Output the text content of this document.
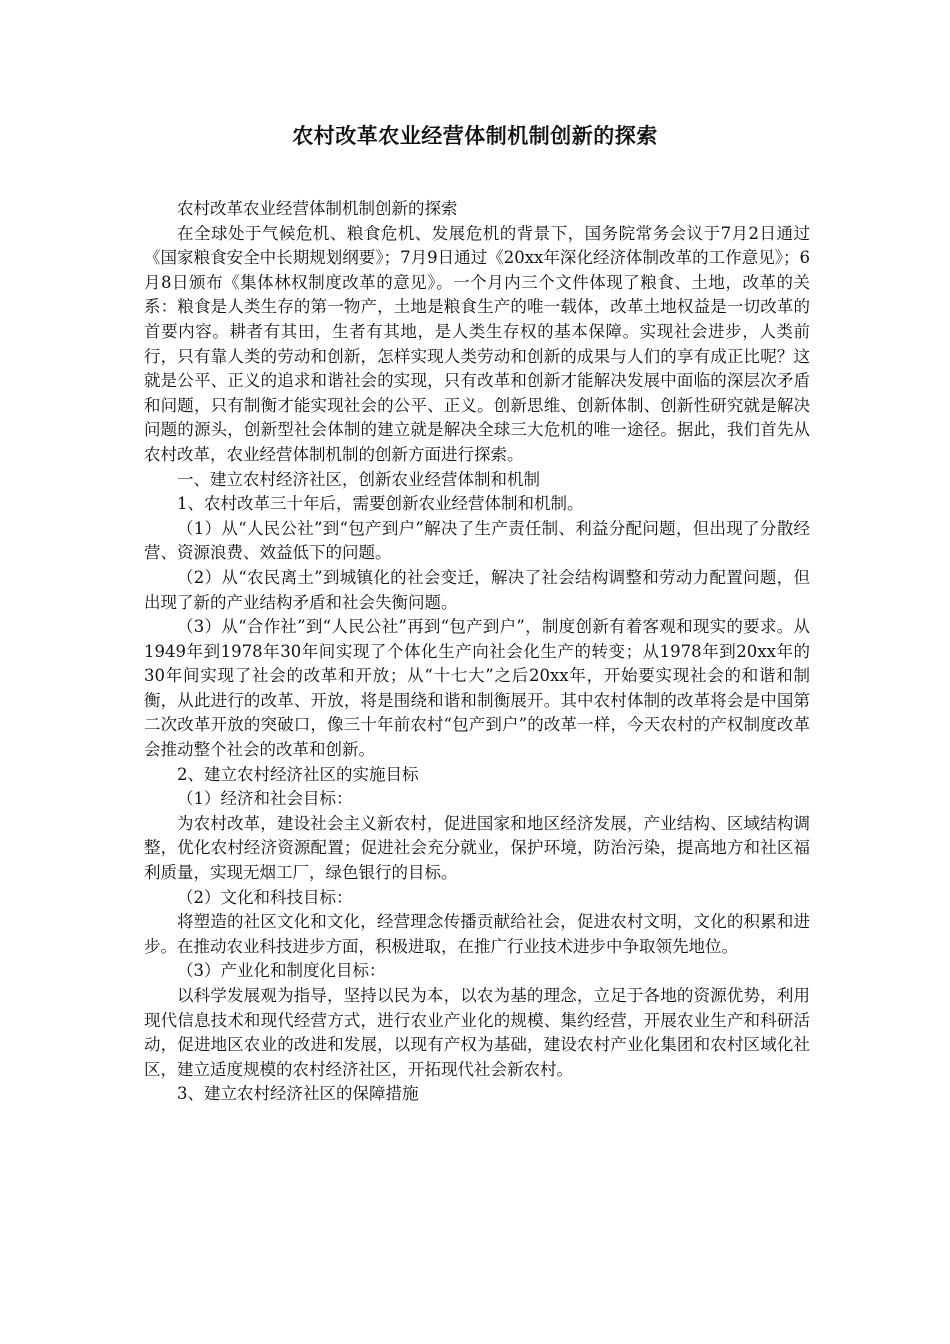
农村改革农业经营体制机制创新的探索

农村改革农业经营体制机制创新的探索

在全球处于气候危机、粮食危机、发展危机的背景下，国务院常务会议于7月2日通过《国家粮食安全中长期规划纲要》；7月9日通过《20xx年深化经济体制改革的工作意见》；6月8日颁布《集体林权制度改革的意见》。一个月内三个文件体现了粮食、土地，改革的关系：粮食是人类生存的第一物产，土地是粮食生产的唯一载体，改革土地权益是一切改革的首要内容。耕者有其田，生者有其地，是人类生存权的基本保障。实现社会进步，人类前行，只有靠人类的劳动和创新，怎样实现人类劳动和创新的成果与人们的享有成正比呢？这就是公平、正义的追求和谐社会的实现，只有改革和创新才能解决发展中面临的深层次矛盾和问题，只有制衡才能实现社会的公平、正义。创新思维、创新体制、创新性研究就是解决问题的源头，创新型社会体制的建立就是解决全球三大危机的唯一途径。据此，我们首先从农村改革，农业经营体制机制的创新方面进行探索。

一、建立农村经济社区，创新农业经营体制和机制

1、农村改革三十年后，需要创新农业经营体制和机制。

（1）从“人民公社”到“包产到户”解决了生产责任制、利益分配问题，但出现了分散经营、资源浪费、效益低下的问题。

（2）从“农民离土”到城镇化的社会变迁，解决了社会结构调整和劳动力配置问题，但出现了新的产业结构矛盾和社会失衡问题。

（3）从“合作社”到“人民公社”再到“包产到户”，制度创新有着客观和现实的要求。从1949年到1978年30年间实现了个体化生产向社会化生产的转变；从1978年到20xx年的30年间实现了社会的改革和开放；从“十七大”之后20xx年，开始要实现社会的和谐和制衡，从此进行的改革、开放，将是围绕和谐和制衡展开。其中农村体制的改革将会是中国第二次改革开放的突破口，像三十年前农村“包产到户”的改革一样，今天农村的产权制度改革会推动整个社会的改革和创新。

2、建立农村经济社区的实施目标

（1）经济和社会目标：

为农村改革，建设社会主义新农村，促进国家和地区经济发展，产业结构、区域结构调整，优化农村经济资源配置；促进社会充分就业，保护环境，防治污染，提高地方和社区福利质量，实现无烟工厂，绿色银行的目标。

（2）文化和科技目标：

将塑造的社区文化和文化，经营理念传播贡献给社会，促进农村文明，文化的积累和进步。在推动农业科技进步方面，积极进取，在推广行业技术进步中争取领先地位。

（3）产业化和制度化目标：

以科学发展观为指导，坚持以民为本，以农为基的理念，立足于各地的资源优势，利用现代信息技术和现代经营方式，进行农业产业化的规模、集约经营，开展农业生产和科研活动，促进地区农业的改进和发展，以现有产权为基础，建设农村产业化集团和农村区域化社区，建立适度规模的农村经济社区，开拓现代社会新农村。

3、建立农村经济社区的保障措施
